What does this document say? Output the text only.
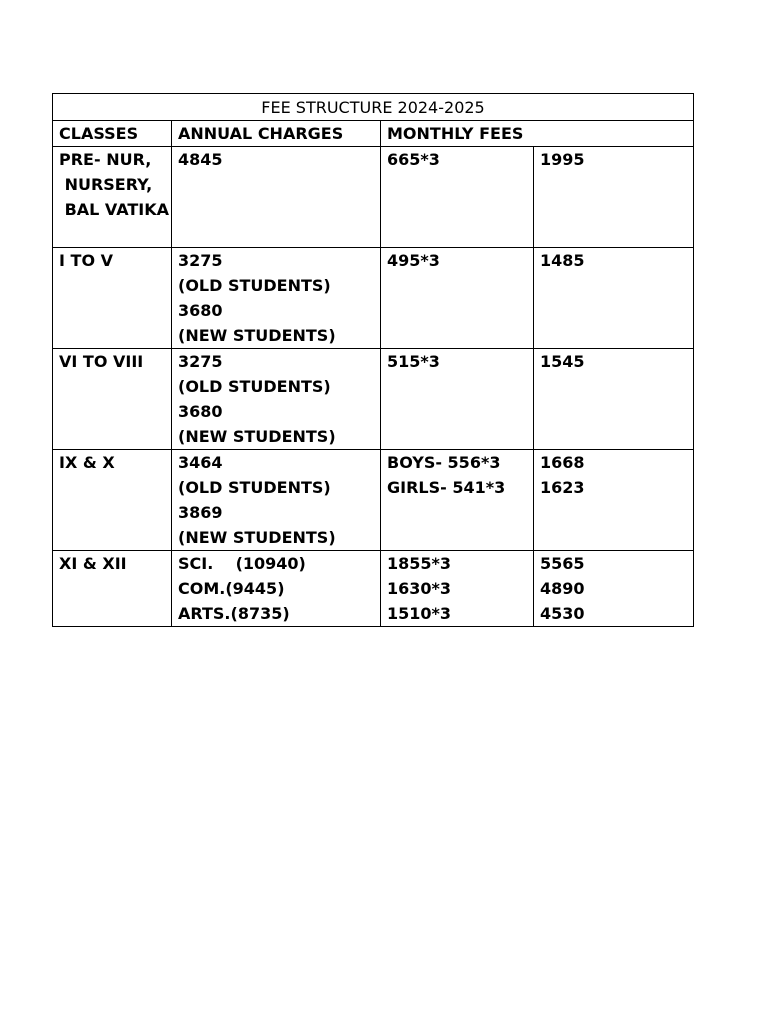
FEE STRUCTURE 2024-2025			
CLASSES	ANNUAL CHARGES	MONTHLY FEES	

PRE- NUR,
NURSERY,
BAL VATIKA	4845	665*3	1995

I TO V	3275
(OLD STUDENTS)
3680
(NEW STUDENTS)	495*3	1485

VI TO VIII	3275
(OLD STUDENTS)
3680
(NEW STUDENTS)	515*3	1545

IX & X	3464
(OLD STUDENTS)
3869
(NEW STUDENTS)	BOYS- 556*3
GIRLS- 541*3	1668
1623

XI & XII	SCI.    (10940)
COM.(9445)
ARTS.(8735)	1855*3
1630*3
1510*3	5565
4890
4530
